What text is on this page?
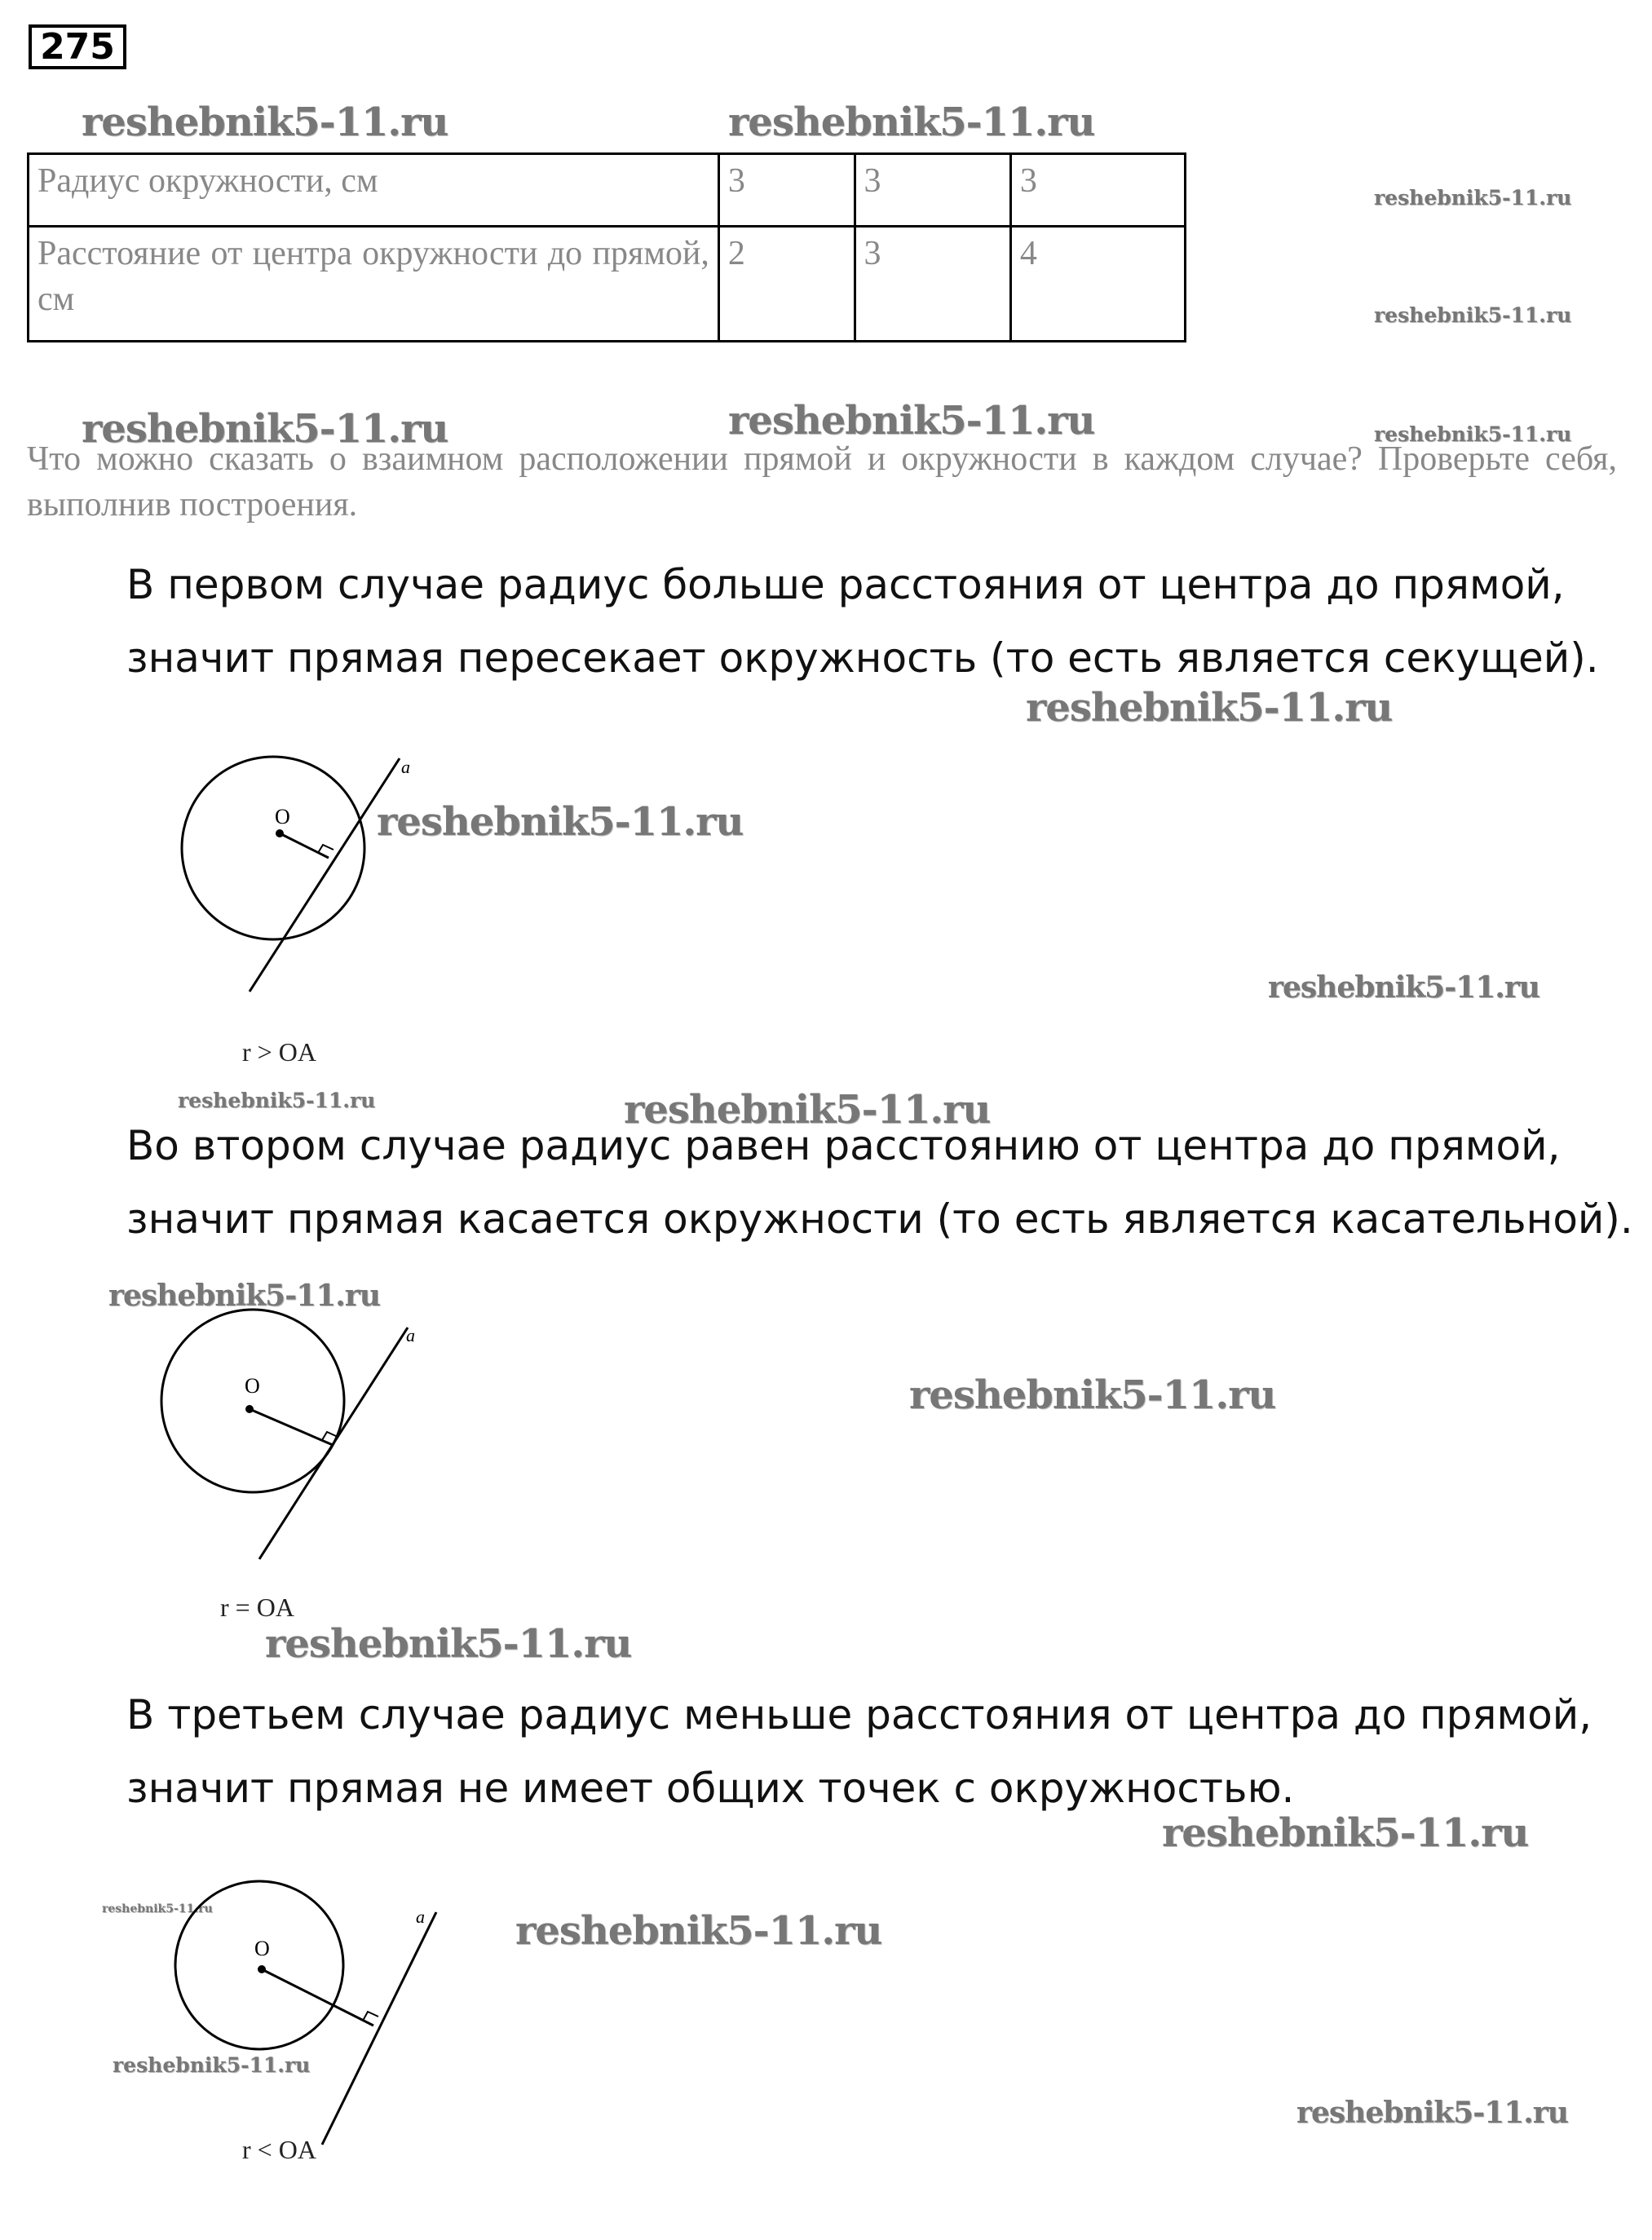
275
reshebnik5-11.ru	reshebnik5-11.ru
reshebnik5-11.ru
reshebnik5-11.ru
reshebnik5-11.ru	reshebnik5-11.ru	reshebnik5-11.ru
reshebnik5-11.ru
reshebnik5-11.ru
reshebnik5-11.ru
reshebnik5-11.ru	reshebnik5-11.ru
reshebnik5-11.ru
reshebnik5-11.ru
reshebnik5-11.ru
reshebnik5-11.ru
reshebnik5-11.ru
reshebnik5-11.ru
reshebnik5-11.ru
reshebnik5-11.ru
Радиус окружности, см	3	3	3
Расстояние от центра окружности до прямой, см	2	3	4
Что можно сказать о взаимном расположении прямой и окружности в каждом случае? Проверьте себя, выполнив построения.
В первом случае радиус больше расстояния от центра до прямой,
значит прямая пересекает окружность (то есть является секущей).
O
a
r > OA
Во втором случае радиус равен расстоянию от центра до прямой,
значит прямая касается окружности (то есть является касательной).
O
a
r = OA
В третьем случае радиус меньше расстояния от центра до прямой,
значит прямая не имеет общих точек с окружностью.
O
a
r < OA
